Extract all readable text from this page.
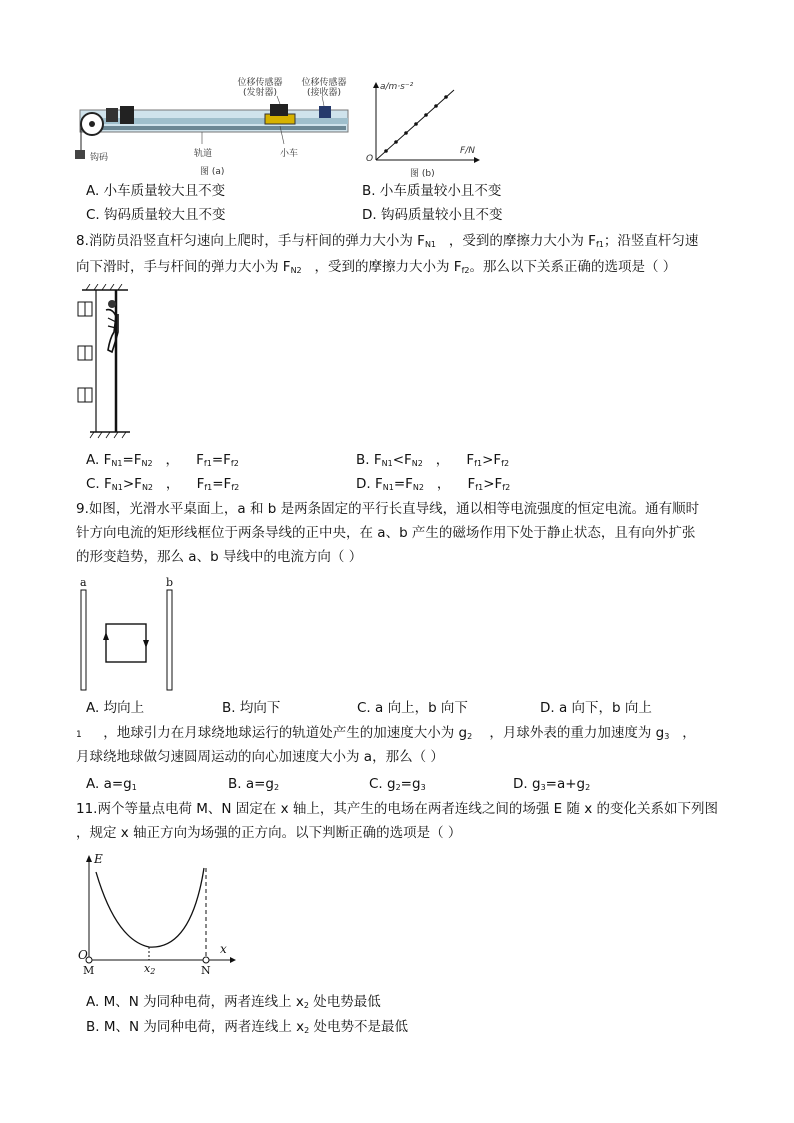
位移传感器
(发射器)
位移传感器
(接收器)
轨道	小车
钩码
图 (a)
a/m·s⁻²
F/N
O
图 (b)
A. 小车质量较大且不变	B. 小车质量较小且不变
C. 钩码质量较大且不变	D. 钩码质量较小且不变
8.消防员沿竖直杆匀速向上爬时，手与杆间的弹力大小为 $F_{N1}$ ，受到的摩擦力大小为 $F_{f1}$；沿竖直杆匀速
向下滑时，手与杆间的弹力大小为 $F_{N2}$ ，受到的摩擦力大小为 $F_{f2}$。那么以下关系正确的选项是（ ）
A. $F_{N1}=F_{N2}$ ， $F_{f1}=F_{f2}$	B. $F_{N1}<F_{N2}$ ， $F_{f1}>F_{f2}$
C. $F_{N1}>F_{N2}$ ， $F_{f1}=F_{f2}$	D. $F_{N1}=F_{N2}$ ， $F_{f1}>F_{f2}$
9.如图，光滑水平桌面上，a 和 b 是两条固定的平行长直导线，通以相等电流强度的恒定电流。通有顺时
针方向电流的矩形线框位于两条导线的正中央，在 a、b 产生的磁场作用下处于静止状态，且有向外扩张
的形变趋势，那么 a、b 导线中的电流方向（ ）
a	b
A. 均向上	B. 均向下	C. a 向上，b 向下	D. a 向下，b 向上
1 ，地球引力在月球绕地球运行的轨道处产生的加速度大小为 $g_2$ ，月球外表的重力加速度为 $g_3$ ，
月球绕地球做匀速圆周运动的向心加速度大小为 a，那么（ ）
A. $a=g_1$	B. $a=g_2$	C. $g_2=g_3$	D. $g_3=a+g_2$
11.两个等量点电荷 M、N 固定在 x 轴上，其产生的电场在两者连线之间的场强 E 随 x 的变化关系如下列图
，规定 x 轴正方向为场强的正方向。以下判断正确的选项是（ ）
E
x
O
M	N
$x_2$
A. M、N 为同种电荷，两者连线上 $x_2$ 处电势最低
B. M、N 为同种电荷，两者连线上 $x_2$ 处电势不是最低
